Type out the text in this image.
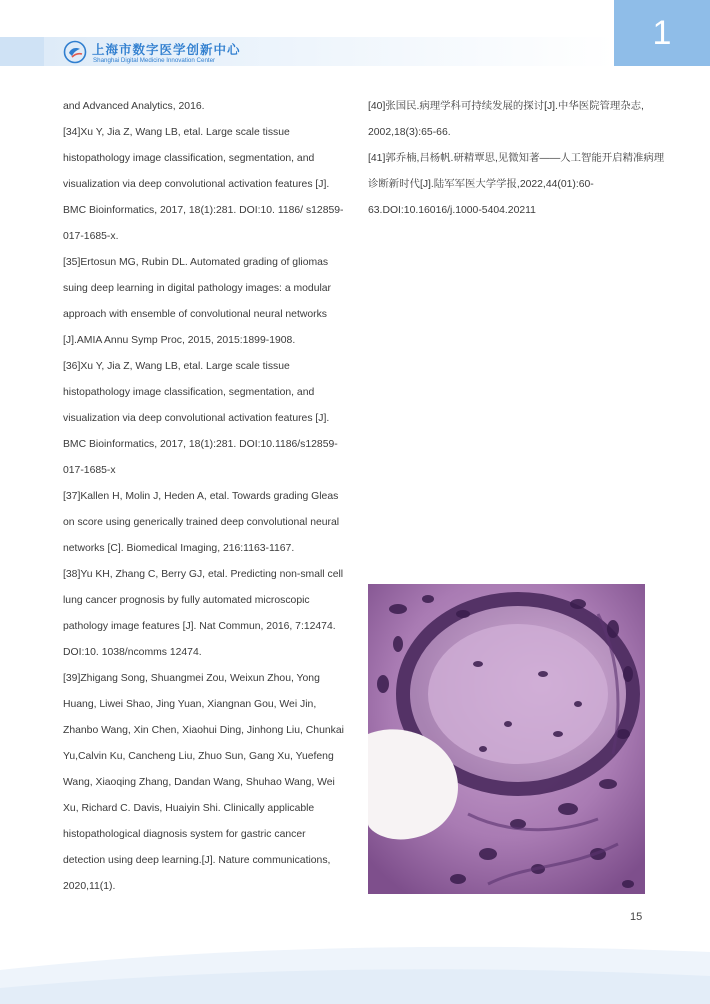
1
上海市数字医学创新中心
Shanghai Digital Medicine Innovation Center
and Advanced Analytics, 2016.
[34]Xu Y, Jia Z, Wang LB, etal. Large scale tissue
histopathology image classification, segmentation, and
visualization via deep convolutional activation features [J].
BMC Bioinformatics, 2017, 18(1):281. DOI:10. 1186/ s12859-
017-1685-x.
[35]Ertosun MG, Rubin DL. Automated grading of gliomas
suing deep learning in digital pathology images: a modular
approach with ensemble of convolutional neural networks
[J].AMIA Annu Symp Proc, 2015, 2015:1899-1908.
[36]Xu Y, Jia Z, Wang LB, etal. Large scale tissue
histopathology image classification, segmentation, and
visualization via deep convolutional activation features [J].
BMC Bioinformatics, 2017, 18(1):281. DOI:10.1186/s12859-
017-1685-x
[37]Kallen H, Molin J, Heden A, etal. Towards grading Gleas
on score using generically trained deep convolutional neural
networks [C]. Biomedical Imaging, 216:1163-1167.
[38]Yu KH, Zhang C, Berry GJ, etal. Predicting non-small cell
lung cancer prognosis by fully automated microscopic
pathology image features [J]. Nat Commun, 2016, 7:12474.
DOI:10. 1038/ncomms 12474.
[39]Zhigang Song, Shuangmei Zou, Weixun Zhou, Yong
Huang, Liwei Shao, Jing Yuan, Xiangnan Gou, Wei Jin,
Zhanbo Wang, Xin Chen, Xiaohui Ding, Jinhong Liu, Chunkai
Yu,Calvin Ku, Cancheng Liu, Zhuo Sun, Gang Xu, Yuefeng
Wang, Xiaoqing Zhang, Dandan Wang, Shuhao Wang, Wei
Xu, Richard C. Davis, Huaiyin Shi. Clinically applicable
histopathological diagnosis system for gastric cancer
detection using deep learning.[J]. Nature communications,
2020,11(1).
[40]张国民.病理学科可持续发展的探讨[J].中华医院管理杂志,
2002,18(3):65-66.
[41]郭乔楠,吕杨帆.研精覃思,见微知著——人工智能开启精准病理
诊断新时代[J].陆军军医大学学报,2022,44(01):60-
63.DOI:10.16016/j.1000-5404.20211
15
